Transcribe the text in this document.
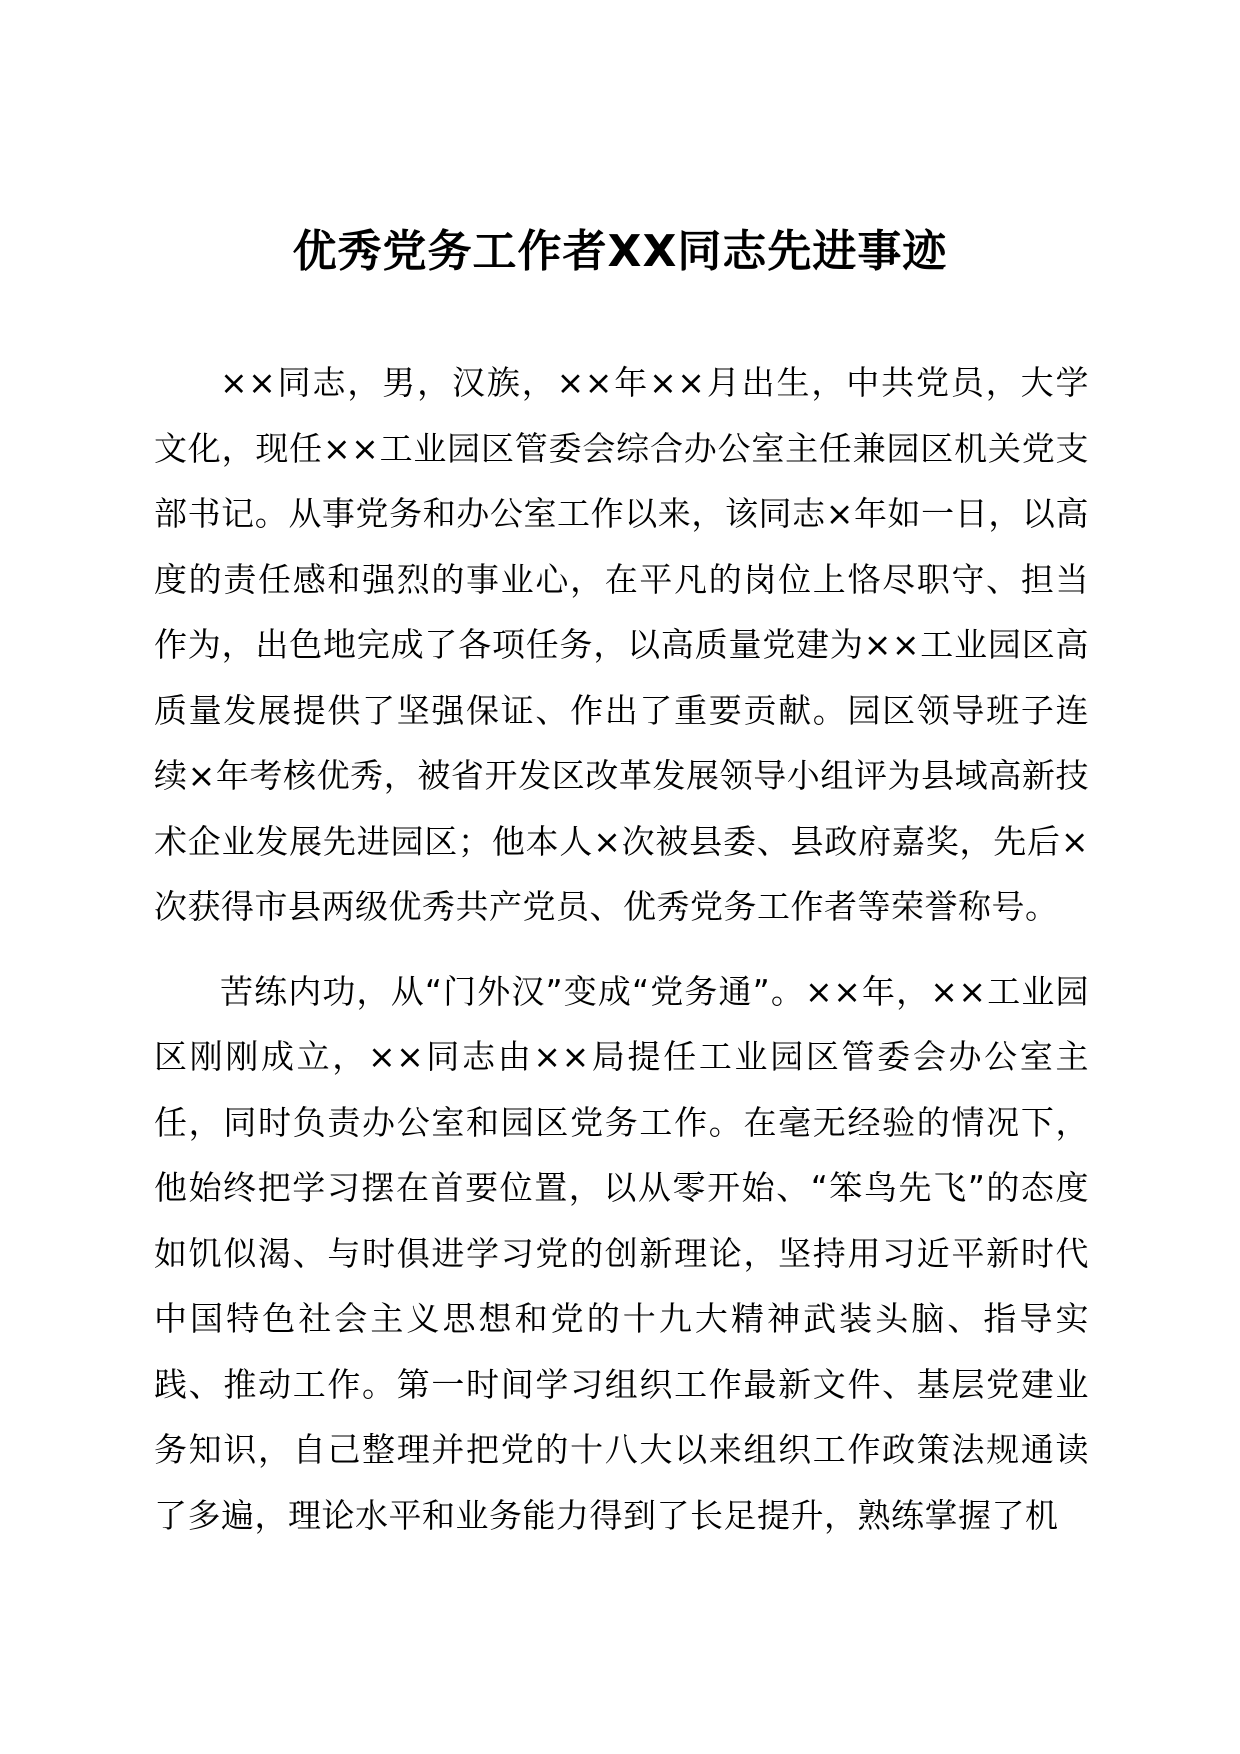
优秀党务工作者XX同志先进事迹

××同志，男，汉族，××年××月出生，中共党员，大学文化，现任××工业园区管委会综合办公室主任兼园区机关党支部书记。从事党务和办公室工作以来，该同志×年如一日，以高度的责任感和强烈的事业心，在平凡的岗位上恪尽职守、担当作为，出色地完成了各项任务，以高质量党建为××工业园区高质量发展提供了坚强保证、作出了重要贡献。园区领导班子连续×年考核优秀，被省开发区改革发展领导小组评为县域高新技术企业发展先进园区；他本人×次被县委、县政府嘉奖，先后×次获得市县两级优秀共产党员、优秀党务工作者等荣誉称号。

苦练内功，从“门外汉”变成“党务通”。××年，××工业园区刚刚成立，××同志由××局提任工业园区管委会办公室主任，同时负责办公室和园区党务工作。在毫无经验的情况下，他始终把学习摆在首要位置，以从零开始、“笨鸟先飞”的态度如饥似渴、与时俱进学习党的创新理论，坚持用习近平新时代中国特色社会主义思想和党的十九大精神武装头脑、指导实践、推动工作。第一时间学习组织工作最新文件、基层党建业务知识，自己整理并把党的十八大以来组织工作政策法规通读了多遍，理论水平和业务能力得到了长足提升，熟练掌握了机
